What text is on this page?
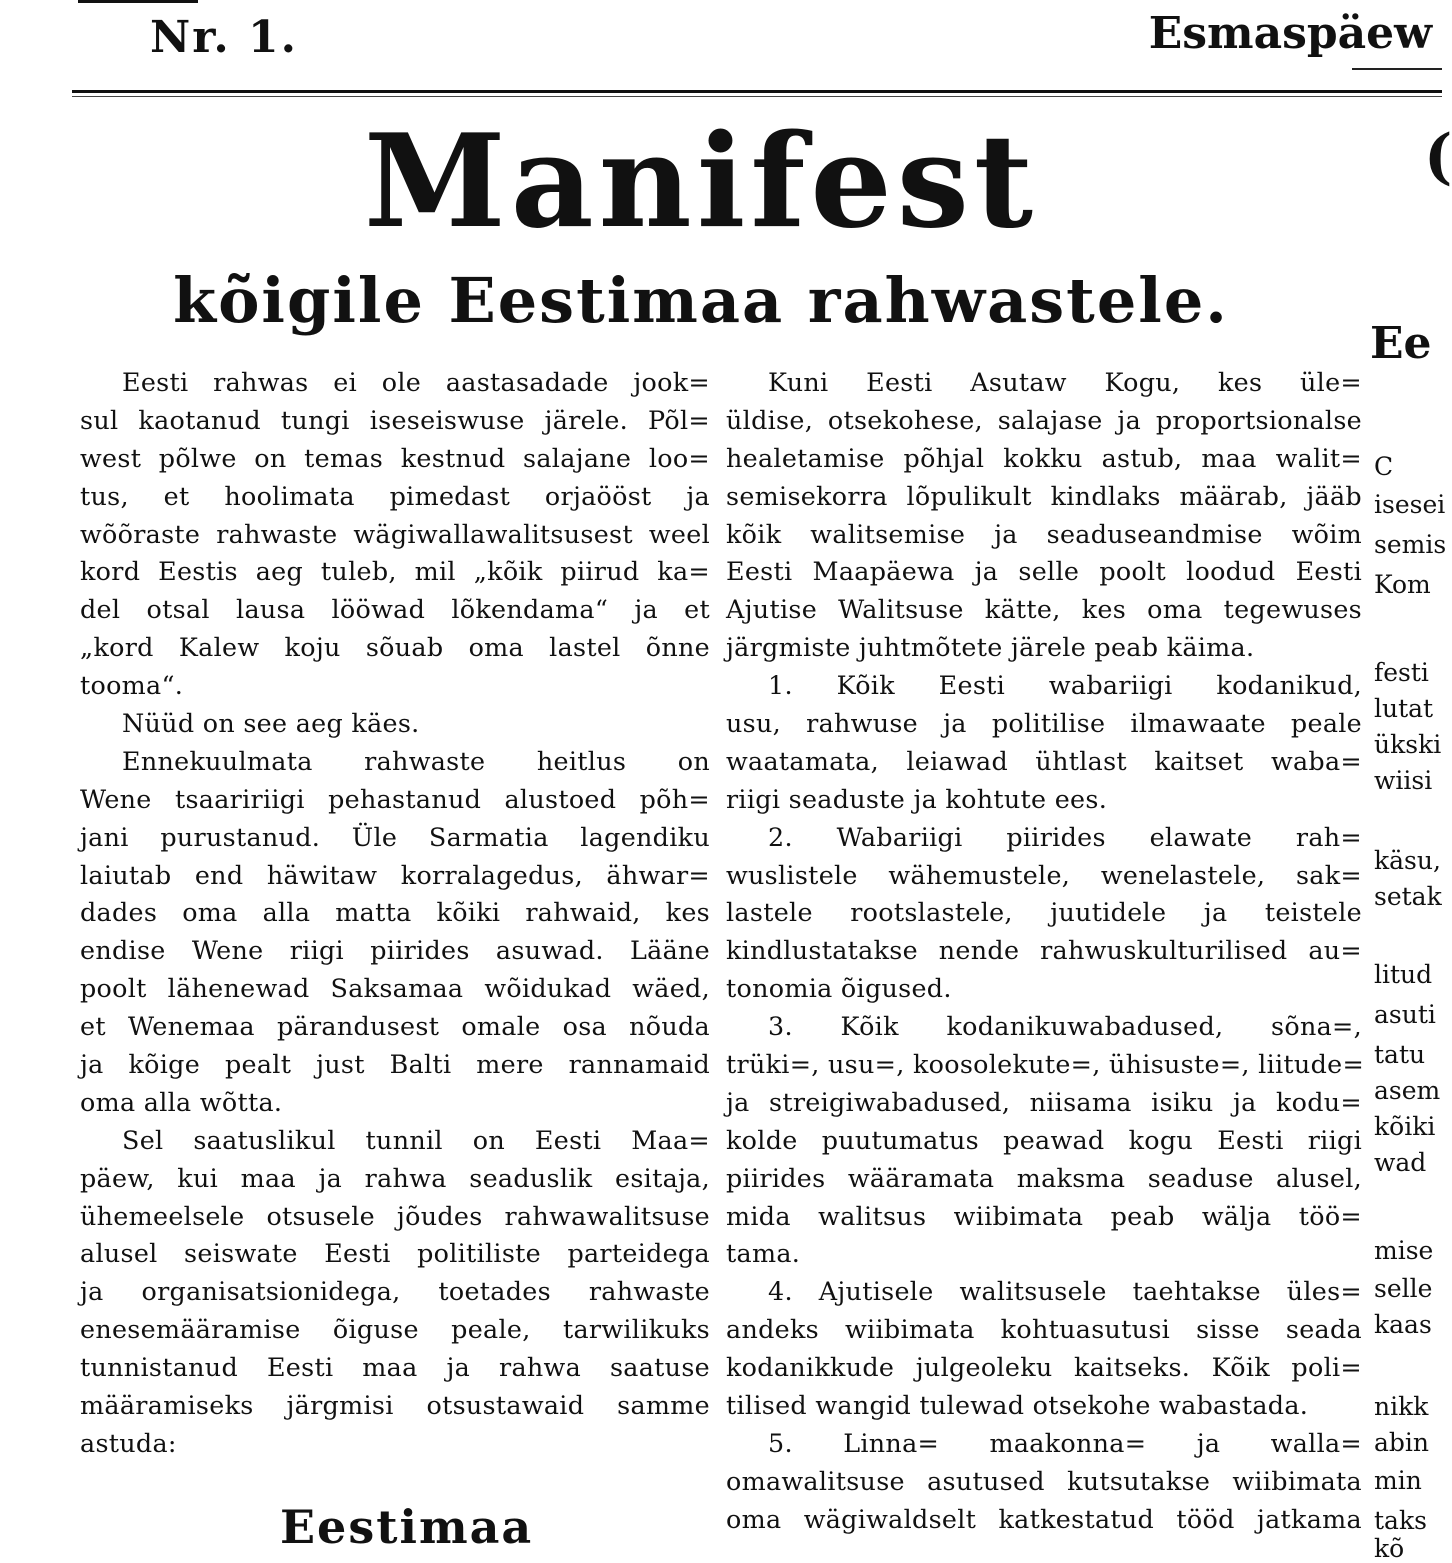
Nr. 1.	Esmaspäew
Manifest
kõigile Eestimaa rahwastele.
Eesti rahwas ei ole aastasadade jook=
sul kaotanud tungi iseseiswuse järele. Põl=
west põlwe on temas kestnud salajane loo=
tus, et hoolimata pimedast orjaööst ja
wõõraste rahwaste wägiwallawalitsusest weel
kord Eestis aeg tuleb, mil „kõik piirud ka=
del otsal lausa lööwad lõkendama“ ja et
„kord Kalew koju sõuab oma lastel õnne
tooma“.
Nüüd on see aeg käes.
Ennekuulmata rahwaste heitlus on
Wene tsaaririigi pehastanud alustoed põh=
jani purustanud. Üle Sarmatia lagendiku
laiutab end häwitaw korralagedus, ähwar=
dades oma alla matta kõiki rahwaid, kes
endise Wene riigi piirides asuwad. Lääne
poolt lähenewad Saksamaa wõidukad wäed,
et Wenemaa pärandusest omale osa nõuda
ja kõige pealt just Balti mere rannamaid
oma alla wõtta.
Sel saatuslikul tunnil on Eesti Maa=
päew, kui maa ja rahwa seaduslik esitaja,
ühemeelsele otsusele jõudes rahwawalitsuse
alusel seiswate Eesti politiliste parteidega
ja organisatsionidega, toetades rahwaste
enesemääramise õiguse peale, tarwilikuks
tunnistanud Eesti maa ja rahwa saatuse
määramiseks järgmisi otsustawaid samme
astuda:
Kuni Eesti Asutaw Kogu, kes üle=
üldise, otsekohese, salajase ja proportsionalse
healetamise põhjal kokku astub, maa walit=
semisekorra lõpulikult kindlaks määrab, jääb
kõik walitsemise ja seaduseandmise wõim
Eesti Maapäewa ja selle poolt loodud Eesti
Ajutise Walitsuse kätte, kes oma tegewuses
järgmiste juhtmõtete järele peab käima.
1. Kõik Eesti wabariigi kodanikud,
usu, rahwuse ja politilise ilmawaate peale
waatamata, leiawad ühtlast kaitset waba=
riigi seaduste ja kohtute ees.
2. Wabariigi piirides elawate rah=
wuslistele wähemustele, wenelastele, sak=
lastele rootslastele, juutidele ja teistele
kindlustatakse nende rahwuskulturilised au=
tonomia õigused.
3. Kõik kodanikuwabadused, sõna=,
trüki=, usu=, koosolekute=, ühisuste=, liitude=
ja streigiwabadused, niisama isiku ja kodu=
kolde puutumatus peawad kogu Eesti riigi
piirides wääramata maksma seaduse alusel,
mida walitsus wiibimata peab wälja töö=
tama.
4. Ajutisele walitsusele taehtakse üles=
andeks wiibimata kohtuasutusi sisse seada
kodanikkude julgeoleku kaitseks. Kõik poli=
tilised wangid tulewad otsekohe wabastada.
5. Linna= maakonna= ja walla=
omawalitsuse asutused kutsutakse wiibimata
oma wägiwaldselt katkestatud tööd jatkama
Eestimaa
(
Ee
C
isesei
semis
Kom
festi
lutat
ükski
wiisi
käsu,
setak
litud
asuti
tatu
asem
kõiki
wad
mise
selle
kaas
nikk
abin
min
taks
kõ
